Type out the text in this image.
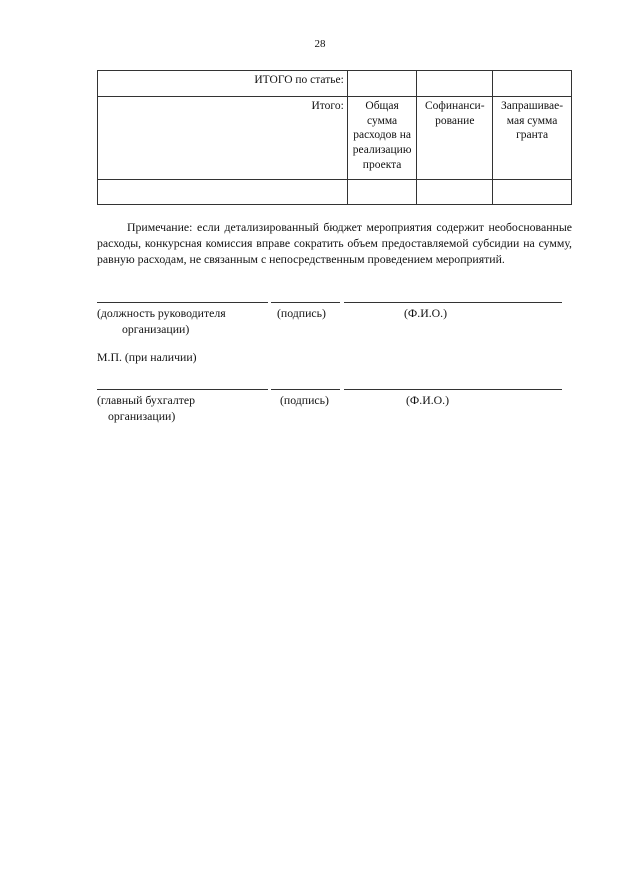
28
ИТОГО по статье:			
Итого:	Общая сумма расходов на реализацию проекта	Софинанси-рование	Запрашивае-мая сумма гранта

Примечание: если детализированный бюджет мероприятия содержит необоснованные расходы, конкурсная комиссия вправе сократить объем предоставляемой субсидии на сумму, равную расходам, не связанным с непосредственным проведением мероприятий.

(должность руководителя
организации)
(подпись)	(Ф.И.О.)
М.П. (при наличии)
(главный бухгалтер
организации)
(подпись)	(Ф.И.О.)
